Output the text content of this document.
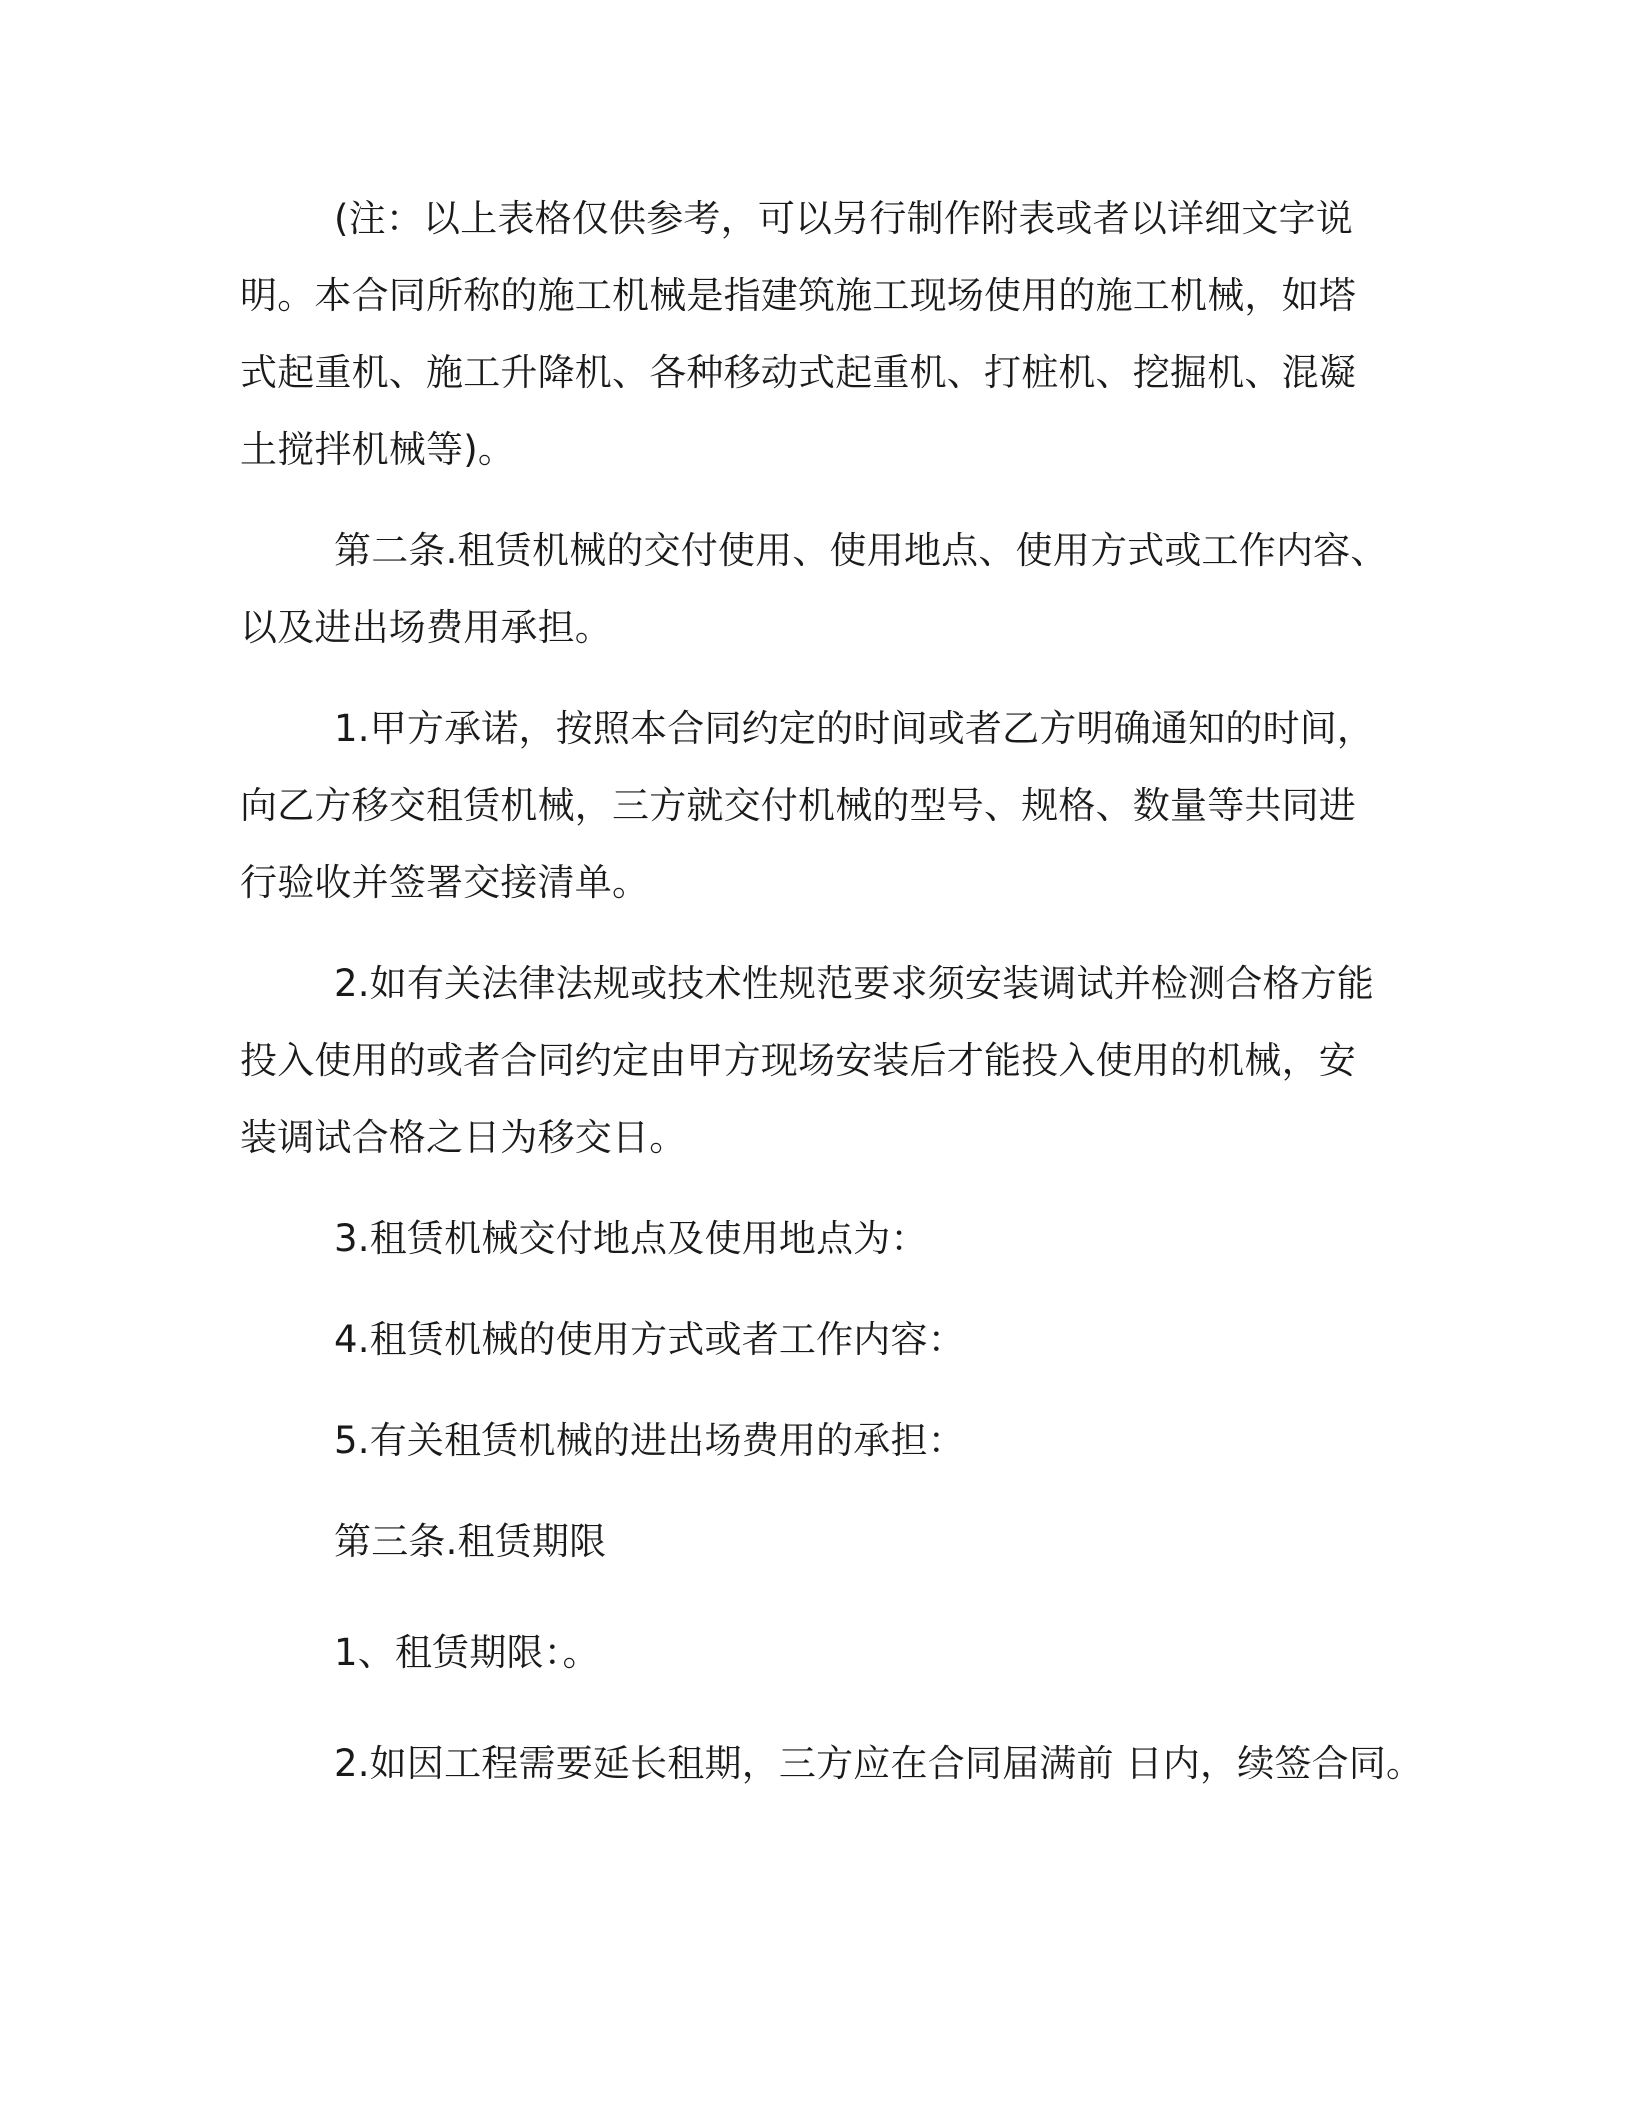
(注：以上表格仅供参考，可以另行制作附表或者以详细文字说
明。本合同所称的施工机械是指建筑施工现场使用的施工机械，如塔
式起重机、施工升降机、各种移动式起重机、打桩机、挖掘机、混凝
土搅拌机械等)。
第二条.租赁机械的交付使用、使用地点、使用方式或工作内容、
以及进出场费用承担。
1.甲方承诺，按照本合同约定的时间或者乙方明确通知的时间，
向乙方移交租赁机械，三方就交付机械的型号、规格、数量等共同进
行验收并签署交接清单。
2.如有关法律法规或技术性规范要求须安装调试并检测合格方能
投入使用的或者合同约定由甲方现场安装后才能投入使用的机械，安
装调试合格之日为移交日。
3.租赁机械交付地点及使用地点为：
4.租赁机械的使用方式或者工作内容：
5.有关租赁机械的进出场费用的承担：
第三条.租赁期限
1、租赁期限：。
2.如因工程需要延长租期，三方应在合同届满前 日内，续签合同。
